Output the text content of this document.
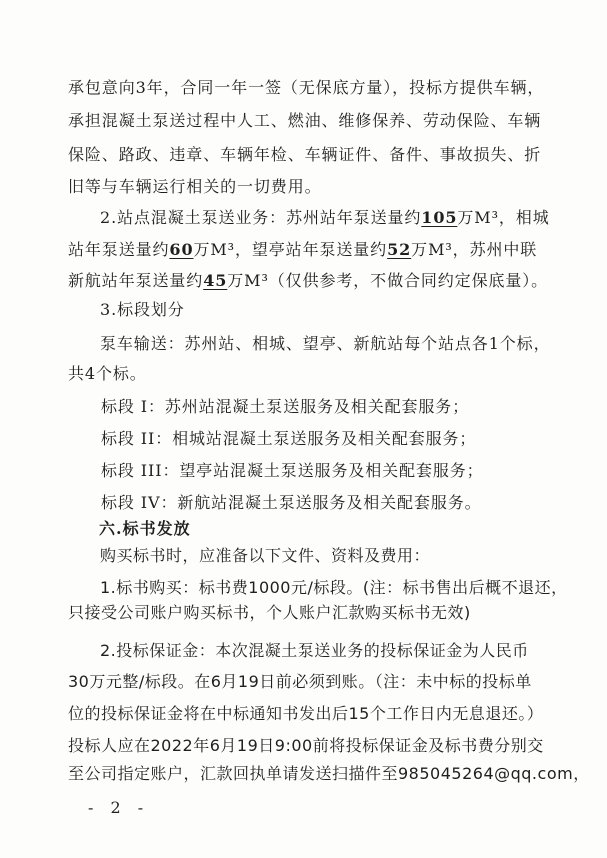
承包意向3年，合同一年一签（无保底方量），投标方提供车辆，
承担混凝土泵送过程中人工、燃油、维修保养、劳动保险、车辆
保险、路政、违章、车辆年检、车辆证件、备件、事故损失、折
旧等与车辆运行相关的一切费用。
2.站点混凝土泵送业务：苏州站年泵送量约105万M³，相城
站年泵送量约60万M³，望亭站年泵送量约52万M³，苏州中联
新航站年泵送量约45万M³（仅供参考，不做合同约定保底量）。
3.标段划分
泵车输送：苏州站、相城、望亭、新航站每个站点各1个标，
共4个标。
标段 I：苏州站混凝土泵送服务及相关配套服务；
标段 II：相城站混凝土泵送服务及相关配套服务；
标段 III：望亭站混凝土泵送服务及相关配套服务；
标段 IV：新航站混凝土泵送服务及相关配套服务。
六.标书发放
购买标书时，应准备以下文件、资料及费用：
1.标书购买：标书费1000元/标段。(注：标书售出后概不退还，
只接受公司账户购买标书，个人账户汇款购买标书无效)
2.投标保证金：本次混凝土泵送业务的投标保证金为人民币
30万元整/标段。在6月19日前必须到账。（注：未中标的投标单
位的投标保证金将在中标通知书发出后15个工作日内无息退还。）
投标人应在2022年6月19日9:00前将投标保证金及标书费分别交
至公司指定账户，汇款回执单请发送扫描件至985045264@qq.com，
- 2 -
